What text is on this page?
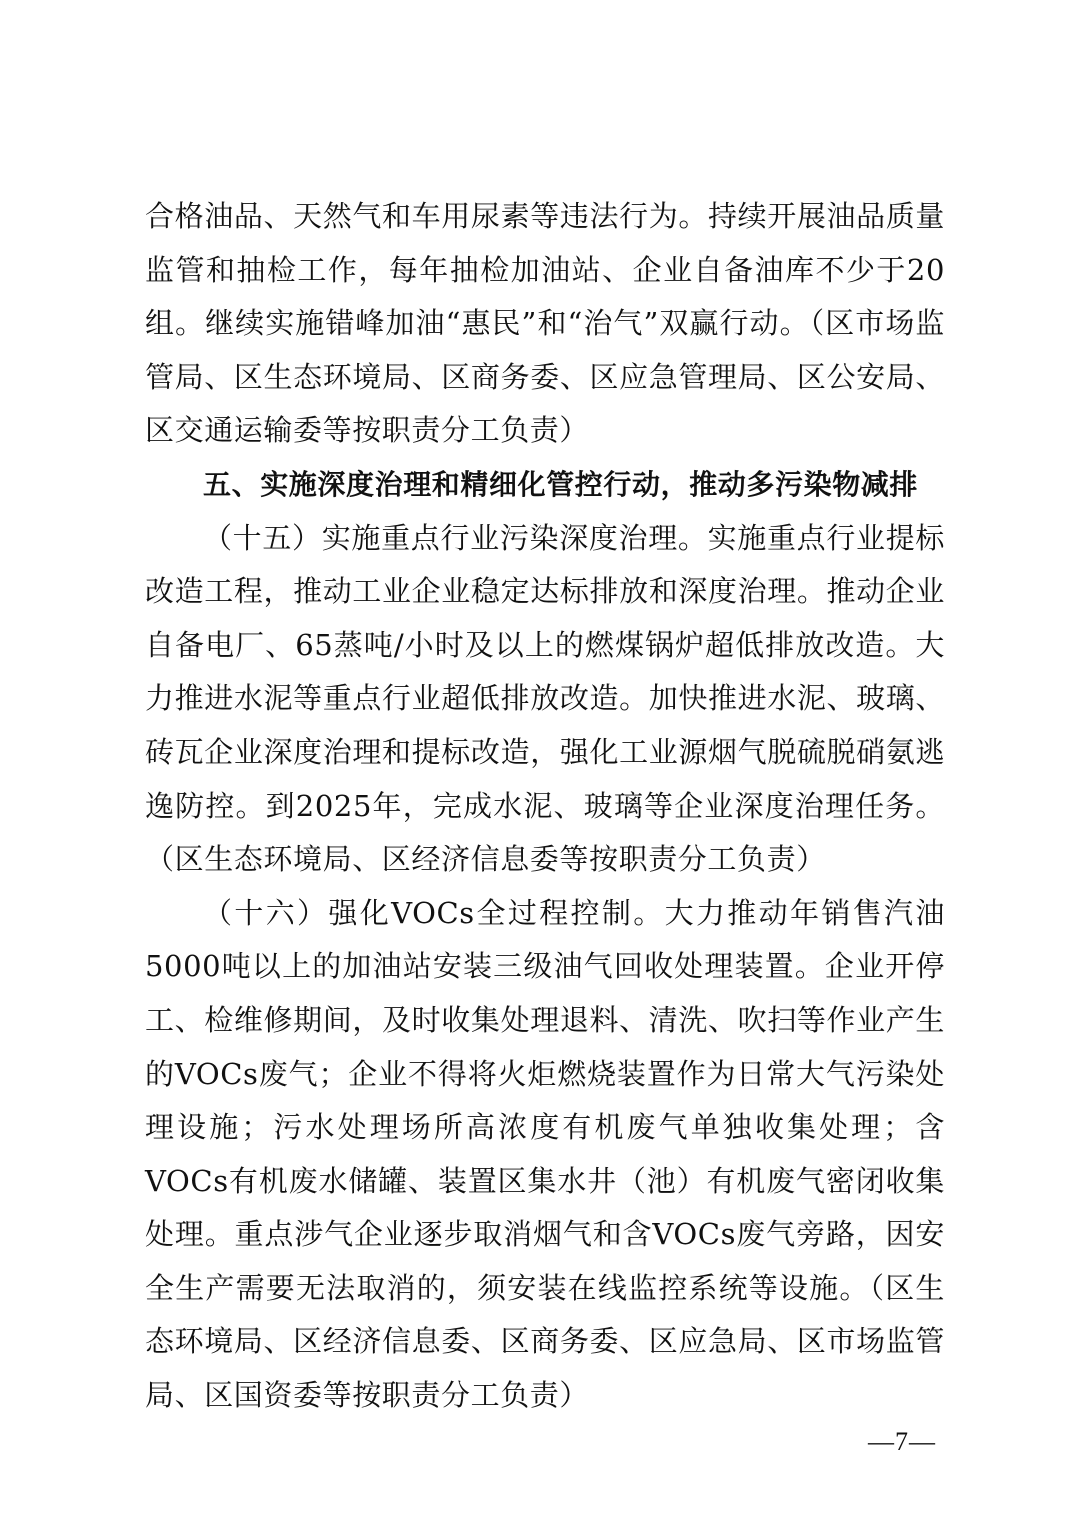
合格油品、天然气和车用尿素等违法行为。持续开展油品质量监管和抽检工作，每年抽检加油站、企业自备油库不少于20组。继续实施错峰加油“惠民”和“治气”双赢行动。（区市场监管局、区生态环境局、区商务委、区应急管理局、区公安局、区交通运输委等按职责分工负责）

五、实施深度治理和精细化管控行动，推动多污染物减排

（十五）实施重点行业污染深度治理。实施重点行业提标改造工程，推动工业企业稳定达标排放和深度治理。推动企业自备电厂、65蒸吨/小时及以上的燃煤锅炉超低排放改造。大力推进水泥等重点行业超低排放改造。加快推进水泥、玻璃、砖瓦企业深度治理和提标改造，强化工业源烟气脱硫脱硝氨逃逸防控。到2025年，完成水泥、玻璃等企业深度治理任务。（区生态环境局、区经济信息委等按职责分工负责）

（十六）强化VOCs全过程控制。大力推动年销售汽油5000吨以上的加油站安装三级油气回收处理装置。企业开停工、检维修期间，及时收集处理退料、清洗、吹扫等作业产生的VOCs废气；企业不得将火炬燃烧装置作为日常大气污染处理设施；污水处理场所高浓度有机废气单独收集处理；含VOCs有机废水储罐、装置区集水井（池）有机废气密闭收集处理。重点涉气企业逐步取消烟气和含VOCs废气旁路，因安全生产需要无法取消的，须安装在线监控系统等设施。（区生态环境局、区经济信息委、区商务委、区应急局、区市场监管局、区国资委等按职责分工负责）

—7—
